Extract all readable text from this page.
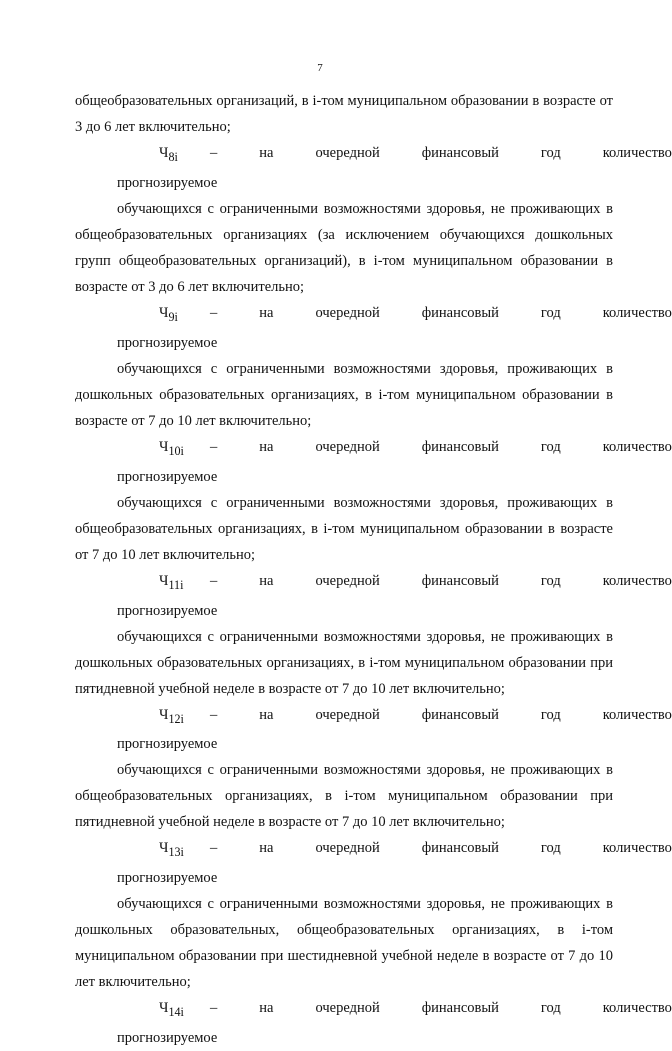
7

общеобразовательных организаций, в i-том муниципальном образовании в возрасте от 3 до 6 лет включительно;

$Ч_{8i}$ – прогнозируемое
на	очередной	финансовый	год	количество

обучающихся с ограниченными возможностями здоровья, не проживающих в общеобразовательных организациях (за исключением обучающихся дошкольных групп общеобразовательных организаций), в i-том муниципальном образовании в возрасте от 3 до 6 лет включительно;

$Ч_{9i}$ – прогнозируемое
на	очередной	финансовый	год	количество

обучающихся с ограниченными возможностями здоровья, проживающих в дошкольных образовательных организациях, в i-том муниципальном образовании в возрасте от 7 до 10 лет включительно;

$Ч_{10i}$ – прогнозируемое
на	очередной	финансовый	год	количество

обучающихся с ограниченными возможностями здоровья, проживающих в общеобразовательных организациях, в i-том муниципальном образовании в возрасте от 7 до 10 лет включительно;

$Ч_{11i}$ – прогнозируемое
на	очередной	финансовый	год	количество

обучающихся с ограниченными возможностями здоровья, не проживающих в дошкольных образовательных организациях, в i-том муниципальном образовании при пятидневной учебной неделе в возрасте от 7 до 10 лет включительно;

$Ч_{12i}$ – прогнозируемое
на	очередной	финансовый	год	количество

обучающихся с ограниченными возможностями здоровья, не проживающих в общеобразовательных организациях, в i-том муниципальном образовании при пятидневной учебной неделе в возрасте от 7 до 10 лет включительно;

$Ч_{13i}$ – прогнозируемое
на	очередной	финансовый	год	количество

обучающихся с ограниченными возможностями здоровья, не проживающих в дошкольных образовательных, общеобразовательных организациях, в i-том муниципальном образовании при шестидневной учебной неделе в возрасте от 7 до 10 лет включительно;

$Ч_{14i}$ – прогнозируемое
на	очередной	финансовый	год	количество
